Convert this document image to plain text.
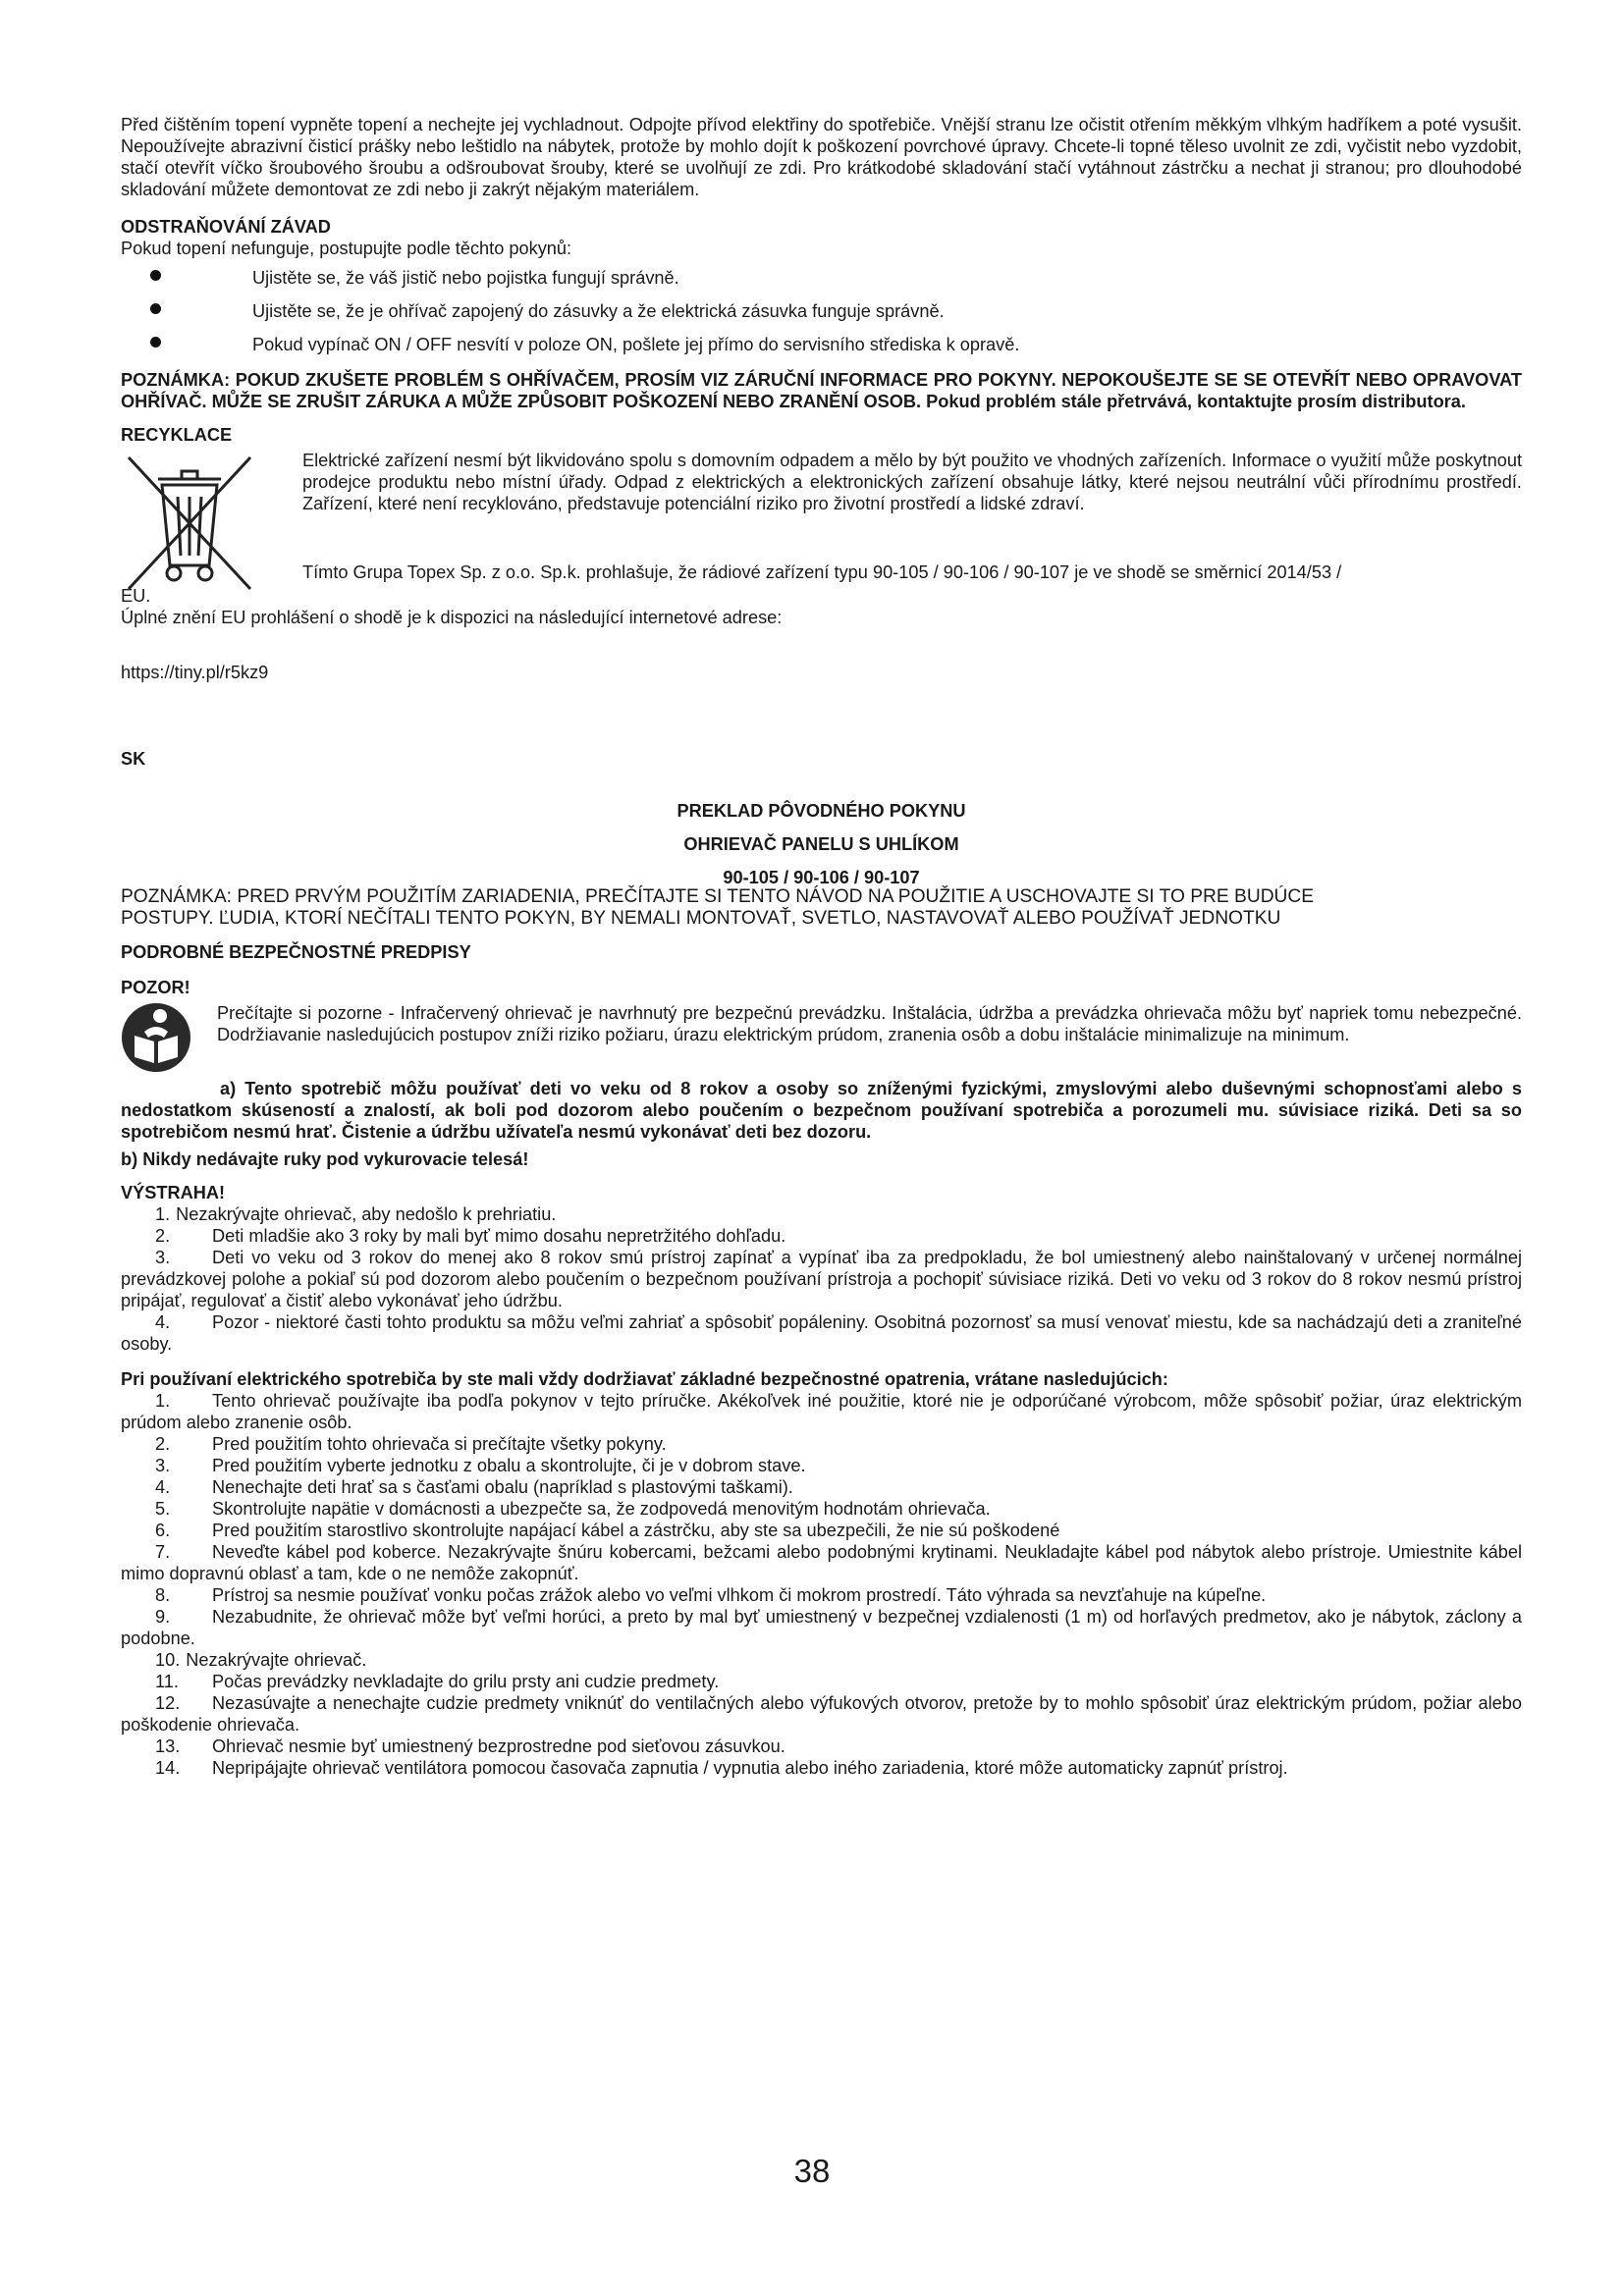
Před čištěním topení vypněte topení a nechejte jej vychladnout. Odpojte přívod elektřiny do spotřebiče. Vnější stranu lze očistit otřením měkkým vlhkým hadříkem a poté vysušit. Nepoužívejte abrazivní čisticí prášky nebo leštidlo na nábytek, protože by mohlo dojít k poškození povrchové úpravy. Chcete-li topné těleso uvolnit ze zdi, vyčistit nebo vyzdobit, stačí otevřít víčko šroubového šroubu a odšroubovat šrouby, které se uvolňují ze zdi. Pro krátkodobé skladování stačí vytáhnout zástrčku a nechat ji stranou; pro dlouhodobé skladování můžete demontovat ze zdi nebo ji zakrýt nějakým materiálem.

ODSTRAŇOVÁNÍ ZÁVAD

Pokud topení nefunguje, postupujte podle těchto pokynů:

Ujistěte se, že váš jistič nebo pojistka fungují správně.
Ujistěte se, že je ohřívač zapojený do zásuvky a že elektrická zásuvka funguje správně.
Pokud vypínač ON / OFF nesvítí v poloze ON, pošlete jej přímo do servisního střediska k opravě.

POZNÁMKA: POKUD ZKUŠETE PROBLÉM S OHŘÍVAČEM, PROSÍM VIZ ZÁRUČNÍ INFORMACE PRO POKYNY. NEPOKOUŠEJTE SE SE OTEVŘÍT NEBO OPRAVOVAT OHŘÍVAČ. MŮŽE SE ZRUŠIT ZÁRUKA A MŮŽE ZPŮSOBIT POŠKOZENÍ NEBO ZRANĚNÍ OSOB. Pokud problém stále přetrvává, kontaktujte prosím distributora.

RECYKLACE

Elektrické zařízení nesmí být likvidováno spolu s domovním odpadem a mělo by být použito ve vhodných zařízeních. Informace o využití může poskytnout prodejce produktu nebo místní úřady. Odpad z elektrických a elektronických zařízení obsahuje látky, které nejsou neutrální vůči přírodnímu prostředí. Zařízení, které není recyklováno, představuje potenciální riziko pro životní prostředí a lidské zdraví.

Tímto Grupa Topex Sp. z o.o. Sp.k. prohlašuje, že rádiové zařízení typu 90-105 / 90-106 / 90-107 je ve shodě se směrnicí 2014/53 /

EU.

Úplné znění EU prohlášení o shodě je k dispozici na následující internetové adrese:

https://tiny.pl/r5kz9

SK

PREKLAD PÔVODNÉHO POKYNU

OHRIEVAČ PANELU S UHLÍKOM

90-105 / 90-106 / 90-107

POZNÁMKA: PRED PRVÝM POUŽITÍM ZARIADENIA, PREČÍTAJTE SI TENTO NÁVOD NA POUŽITIE A USCHOVAJTE SI TO PRE BUDÚCE

POSTUPY. ĽUDIA, KTORÍ NEČÍTALI TENTO POKYN, BY NEMALI MONTOVAŤ, SVETLO, NASTAVOVAŤ ALEBO POUŽÍVAŤ JEDNOTKU

PODROBNÉ BEZPEČNOSTNÉ PREDPISY

POZOR!

Prečítajte si pozorne - Infračervený ohrievač je navrhnutý pre bezpečnú prevádzku. Inštalácia, údržba a prevádzka ohrievača môžu byť napriek tomu nebezpečné. Dodržiavanie nasledujúcich postupov zníži riziko požiaru, úrazu elektrickým prúdom, zranenia osôb a dobu inštalácie minimalizuje na minimum.

a) Tento spotrebič môžu používať deti vo veku od 8 rokov a osoby so zníženými fyzickými, zmyslovými alebo duševnými schopnosťami alebo s nedostatkom skúseností a znalostí, ak boli pod dozorom alebo poučením o bezpečnom používaní spotrebiča a porozumeli mu. súvisiace riziká. Deti sa so spotrebičom nesmú hrať. Čistenie a údržbu užívateľa nesmú vykonávať deti bez dozoru.

b) Nikdy nedávajte ruky pod vykurovacie telesá!

VÝSTRAHA!

1. Nezakrývajte ohrievač, aby nedošlo k prehriatiu.

2. Deti mladšie ako 3 roky by mali byť mimo dosahu nepretržitého dohľadu.

3. Deti vo veku od 3 rokov do menej ako 8 rokov smú prístroj zapínať a vypínať iba za predpokladu, že bol umiestnený alebo nainštalovaný v určenej normálnej prevádzkovej polohe a pokiaľ sú pod dozorom alebo poučením o bezpečnom používaní prístroja a pochopiť súvisiace riziká. Deti vo veku od 3 rokov do 8 rokov nesmú prístroj pripájať, regulovať a čistiť alebo vykonávať jeho údržbu.

4. Pozor - niektoré časti tohto produktu sa môžu veľmi zahriať a spôsobiť popáleniny. Osobitná pozornosť sa musí venovať miestu, kde sa nachádzajú deti a zraniteľné osoby.

Pri používaní elektrického spotrebiča by ste mali vždy dodržiavať základné bezpečnostné opatrenia, vrátane nasledujúcich:

1. Tento ohrievač používajte iba podľa pokynov v tejto príručke. Akékoľvek iné použitie, ktoré nie je odporúčané výrobcom, môže spôsobiť požiar, úraz elektrickým prúdom alebo zranenie osôb.

2. Pred použitím tohto ohrievača si prečítajte všetky pokyny.

3. Pred použitím vyberte jednotku z obalu a skontrolujte, či je v dobrom stave.

4. Nenechajte deti hrať sa s časťami obalu (napríklad s plastovými taškami).

5. Skontrolujte napätie v domácnosti a ubezpečte sa, že zodpovedá menovitým hodnotám ohrievača.

6. Pred použitím starostlivo skontrolujte napájací kábel a zástrčku, aby ste sa ubezpečili, že nie sú poškodené

7. Neveďte kábel pod koberce. Nezakrývajte šnúru kobercami, bežcami alebo podobnými krytinami. Neukladajte kábel pod nábytok alebo prístroje. Umiestnite kábel mimo dopravnú oblasť a tam, kde o ne nemôže zakopnúť.

8. Prístroj sa nesmie používať vonku počas zrážok alebo vo veľmi vlhkom či mokrom prostredí. Táto výhrada sa nevzťahuje na kúpeľne.

9. Nezabudnite, že ohrievač môže byť veľmi horúci, a preto by mal byť umiestnený v bezpečnej vzdialenosti (1 m) od horľavých predmetov, ako je nábytok, záclony a podobne.

10. Nezakrývajte ohrievač.

11. Počas prevádzky nevkladajte do grilu prsty ani cudzie predmety.

12. Nezasúvajte a nenechajte cudzie predmety vniknúť do ventilačných alebo výfukových otvorov, pretože by to mohlo spôsobiť úraz elektrickým prúdom, požiar alebo poškodenie ohrievača.

13. Ohrievač nesmie byť umiestnený bezprostredne pod sieťovou zásuvkou.

14. Nepripájajte ohrievač ventilátora pomocou časovača zapnutia / vypnutia alebo iného zariadenia, ktoré môže automaticky zapnúť prístroj.

38
